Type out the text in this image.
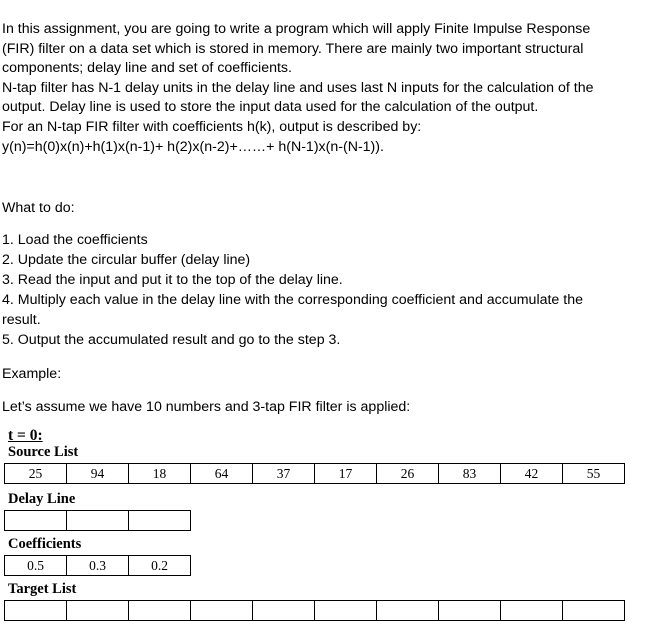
In this assignment, you are going to write a program which will apply Finite Impulse Response
(FIR) filter on a data set which is stored in memory. There are mainly two important structural
components; delay line and set of coefficients.
N-tap filter has N-1 delay units in the delay line and uses last N inputs for the calculation of the
output. Delay line is used to store the input data used for the calculation of the output.
For an N-tap FIR filter with coefficients h(k), output is described by:
y(n)=h(0)x(n)+h(1)x(n-1)+ h(2)x(n-2)+……+ h(N-1)x(n-(N-1)).
What to do:
1. Load the coefficients
2. Update the circular buffer (delay line)
3. Read the input and put it to the top of the delay line.
4. Multiply each value in the delay line with the corresponding coefficient and accumulate the
result.
5. Output the accumulated result and go to the step 3.
Example:
Let’s assume we have 10 numbers and 3-tap FIR filter is applied:
t = 0:
Source List
25	94	18	64	37	17	26	83	42	55
Delay Line

Coefficients
0.5	0.3	0.2
Target List
